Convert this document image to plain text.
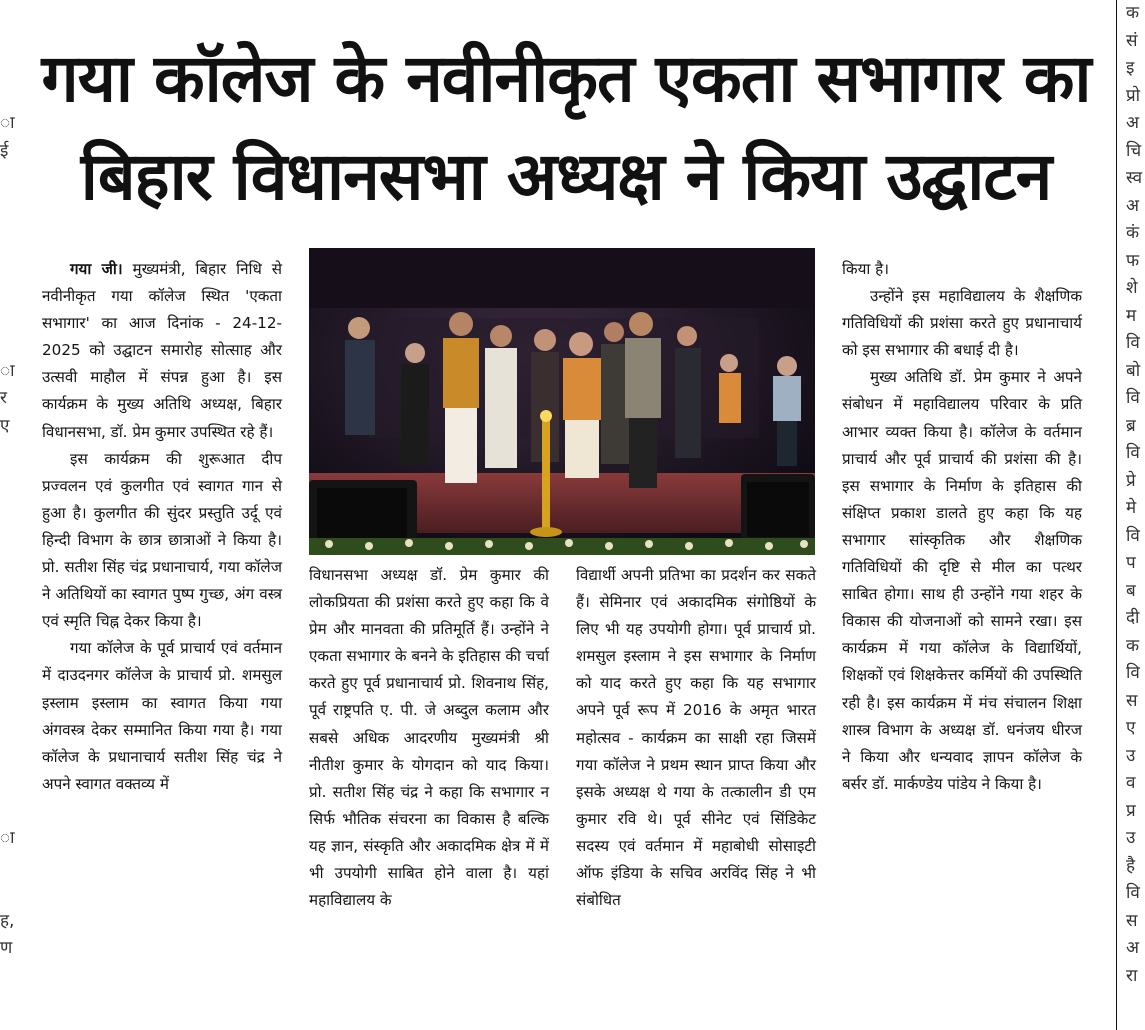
ा
ई
ा
र
ए
ा
ह,
ण
क
सं
इ
प्रो
अ
चि
स्व
अ
कं
फ
शे
म
वि
बो
वि
ब्र
वि
प्रे
मे
वि
प
ब
दी
क
वि
स
ए
उ
व
प्र
उ
है
वि
स
अ
रा
गया कॉलेज के नवीनीकृत एकता सभागार का
बिहार विधानसभा अध्यक्ष ने किया उद्घाटन

गया जी। मुख्यमंत्री, बिहार निधि से नवीनीकृत गया कॉलेज स्थित 'एकता सभागार' का आज दिनांक - 24-12-2025 को उद्घाटन समारोह सोत्साह और उत्सवी माहौल में संपन्न हुआ है। इस कार्यक्रम के मुख्य अतिथि अध्यक्ष, बिहार विधानसभा, डॉ. प्रेम कुमार उपस्थित रहे हैं।

इस कार्यक्रम की शुरूआत दीप प्रज्वलन एवं कुलगीत एवं स्वागत गान से हुआ है। कुलगीत की सुंदर प्रस्तुति उर्दू एवं हिन्दी विभाग के छात्र छात्राओं ने किया है। प्रो. सतीश सिंह चंद्र प्रधानाचार्य, गया कॉलेज ने अतिथियों का स्वागत पुष्प गुच्छ, अंग वस्त्र एवं स्मृति चिह्न देकर किया है।

गया कॉलेज के पूर्व प्राचार्य एवं वर्तमान में दाउदनगर कॉलेज के प्राचार्य प्रो. शमसुल इस्लाम इस्लाम का स्वागत किया गया अंगवस्त्र देकर सम्मानित किया गया है। गया कॉलेज के प्रधानाचार्य सतीश सिंह चंद्र ने अपने स्वागत वक्तव्य में

विधानसभा अध्यक्ष डॉ. प्रेम कुमार की लोकप्रियता की प्रशंसा करते हुए कहा कि वे प्रेम और मानवता की प्रतिमूर्ति हैं। उन्होंने ने एकता सभागार के बनने के इतिहास की चर्चा करते हुए पूर्व प्रधानाचार्य प्रो. शिवनाथ सिंह, पूर्व राष्ट्रपति ए. पी. जे अब्दुल कलाम और सबसे अधिक आदरणीय मुख्यमंत्री श्री नीतीश कुमार के योगदान को याद किया। प्रो. सतीश सिंह चंद्र ने कहा कि सभागार न सिर्फ भौतिक संचरना का विकास है बल्कि यह ज्ञान, संस्कृति और अकादमिक क्षेत्र में में भी उपयोगी साबित होने वाला है। यहां महाविद्यालय के

विद्यार्थी अपनी प्रतिभा का प्रदर्शन कर सकते हैं। सेमिनार एवं अकादमिक संगोष्ठियों के लिए भी यह उपयोगी होगा। पूर्व प्राचार्य प्रो. शमसुल इस्लाम ने इस सभागार के निर्माण को याद करते हुए कहा कि यह सभागार अपने पूर्व रूप में 2016 के अमृत भारत महोत्सव - कार्यक्रम का साक्षी रहा जिसमें गया कॉलेज ने प्रथम स्थान प्राप्त किया और इसके अध्यक्ष थे गया के तत्कालीन डी एम कुमार रवि थे। पूर्व सीनेट एवं सिंडिकेट सदस्य एवं वर्तमान में महाबोधी सोसाइटी ऑफ इंडिया के सचिव अरविंद सिंह ने भी संबोधित

किया है।

उन्होंने इस महाविद्यालय के शैक्षणिक गतिविधियों की प्रशंसा करते हुए प्रधानाचार्य को इस सभागार की बधाई दी है।

मुख्य अतिथि डॉ. प्रेम कुमार ने अपने संबोधन में महाविद्यालय परिवार के प्रति आभार व्यक्त किया है। कॉलेज के वर्तमान प्राचार्य और पूर्व प्राचार्य की प्रशंसा की है। इस सभागार के निर्माण के इतिहास की संक्षिप्त प्रकाश डालते हुए कहा कि यह सभागार सांस्कृतिक और शैक्षणिक गतिविधियों की दृष्टि से मील का पत्थर साबित होगा। साथ ही उन्होंने गया शहर के विकास की योजनाओं को सामने रखा। इस कार्यक्रम में गया कॉलेज के विद्यार्थियों, शिक्षकों एवं शिक्षकेत्तर कर्मियों की उपस्थिति रही है। इस कार्यक्रम में मंच संचालन शिक्षा शास्त्र विभाग के अध्यक्ष डॉ. धनंजय धीरज ने किया और धन्यवाद ज्ञापन कॉलेज के बर्सर डॉ. मार्कण्डेय पांडेय ने किया है।
